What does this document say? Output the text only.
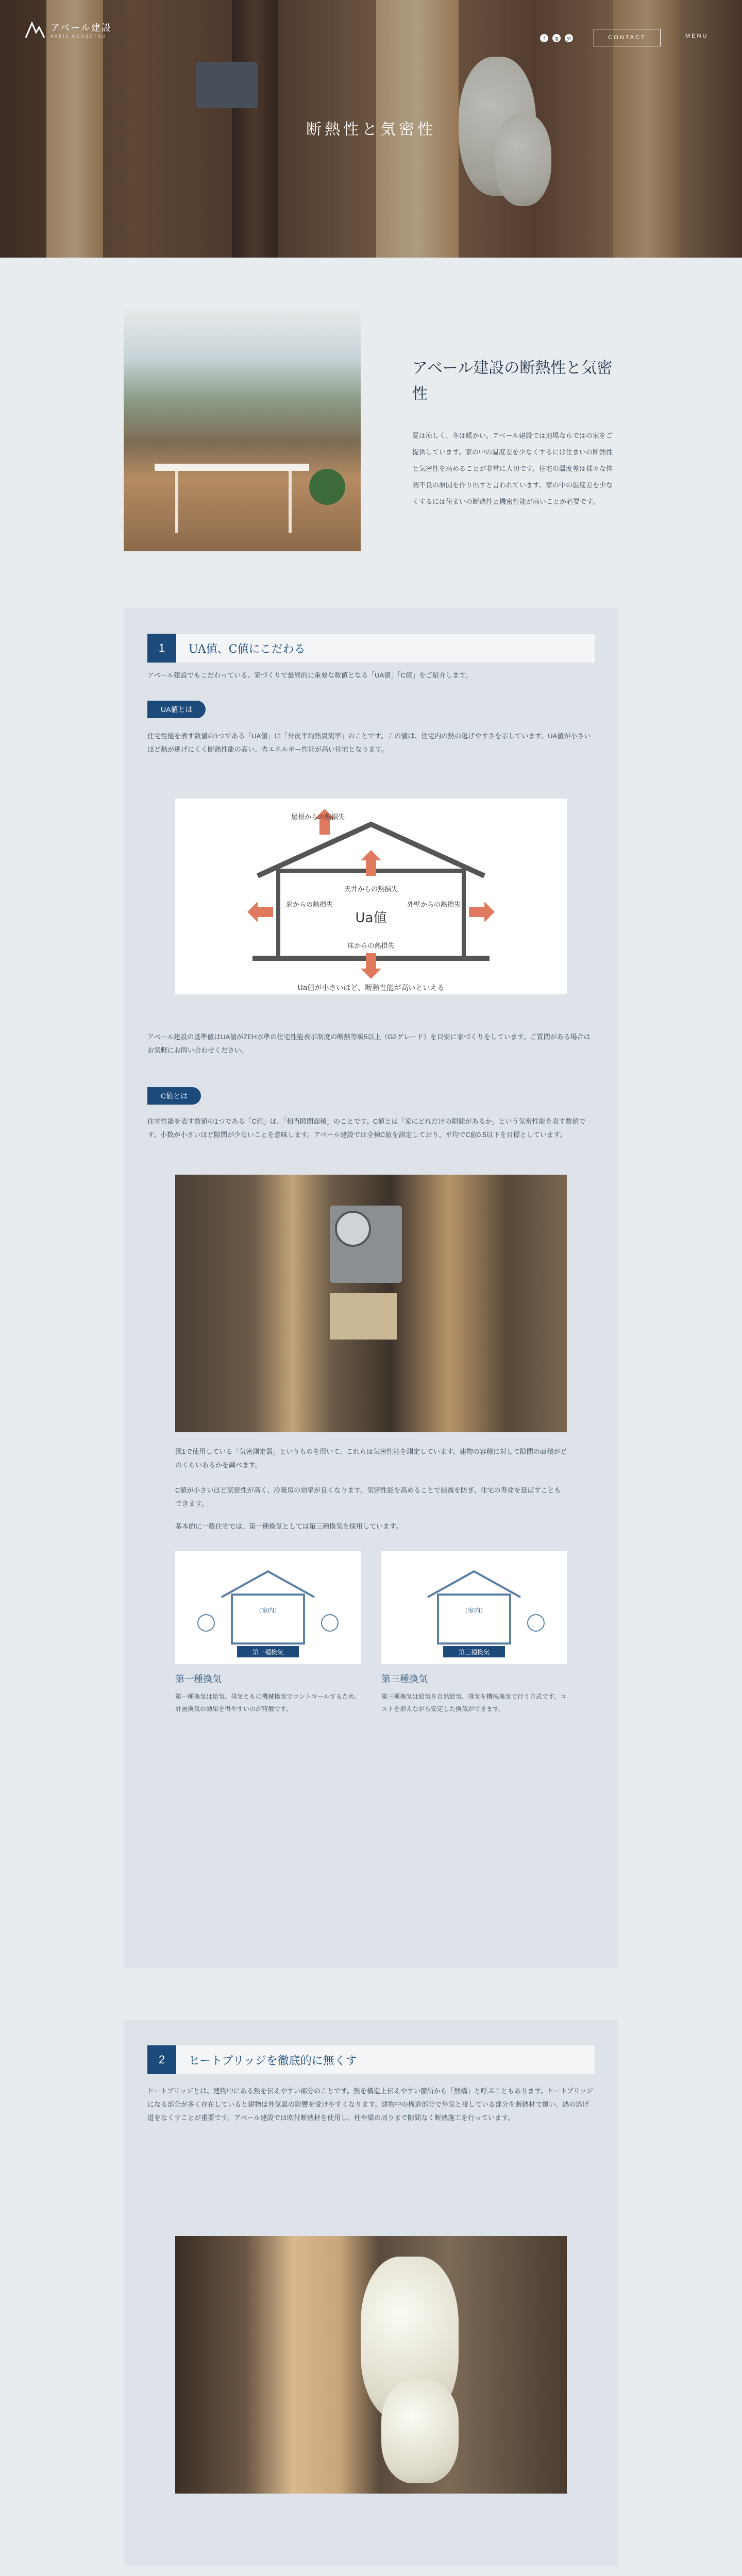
アベール建設
AVEIL KENSETSU	f	ig	yt	CONTACT	MENU
断熱性と気密性
アベール建設の断熱性と気密性
夏は涼しく、冬は暖かい。アベール建設では地場ならではの家をご提供しています。家の中の温度差を少なくするには住まいの断熱性と気密性を高めることが非常に大切です。住宅の温度差は様々な体調不良の原因を作り出すと言われています。家の中の温度差を少なくするには住まいの断熱性と機密性能が高いことが必要です。
1	UA値、C値にこだわる
アベール建設でもこだわっている、家づくりで最終的に重要な数値となる「UA値」「C値」をご紹介します。
UA値とは
住宅性能を表す数値の1つである「UA値」は「外皮平均熱貫流率」のことです。この値は、住宅内の熱の逃げやすさを示しています。UA値が小さいほど熱が逃げにくく断熱性能の高い、省エネルギー性能が高い住宅となります。
Ua値
屋根からの熱損失
天井からの熱損失
窓からの熱損失	外壁からの熱損失
床からの熱損失
Ua値が小さいほど、断熱性能が高いといえる
アベール建設の基準値はUA値がZEH水準の住宅性能表示制度の断熱等級5以上（G2グレード）を目安に家づくりをしています。ご質問がある場合はお気軽にお問い合わせください。
C値とは
住宅性能を表す数値の1つである「C値」は、「相当隙間面積」のことです。C値とは「家にどれだけの隙間があるか」という気密性能を表す数値です。小数が小さいほど隙間が少ないことを意味します。アベール建設では全棟C値を測定しており、平均でC値0.5以下を目標としています。
図1で使用している「気密測定器」というものを用いて、これらは気密性能を測定しています。建物の容積に対して隙間の面積がどのくらいあるかを調べます。
C値が小さいほど気密性が高く、冷暖房の効率が良くなります。気密性能を高めることで結露を防ぎ、住宅の寿命を延ばすこともできます。
基本的に一般住宅では、第一種換気としては第三種換気を採用しています。
（室内）
第一種換気
第一種換気
第一種換気は給気、排気ともに機械換気でコントロールするため、計画換気の効果を得やすいのが特徴です。
（室内）
第三種換気
第三種換気
第三種換気は給気を自然給気、排気を機械換気で行う方式です。コストを抑えながら安定した換気ができます。
2	ヒートブリッジを徹底的に無くす
ヒートブリッジとは、建物中にある熱を伝えやすい部分のことです。熱を構造上伝えやすい箇所から「熱橋」と呼ぶこともあります。ヒートブリッジになる部分が多く存在していると建物は外気温の影響を受けやすくなります。建物中の構造部分で外気と接している部分を断熱材で覆い、熱の逃げ道をなくすことが重要です。アベール建設では吹付断熱材を使用し、柱や梁の周りまで隙間なく断熱施工を行っています。
